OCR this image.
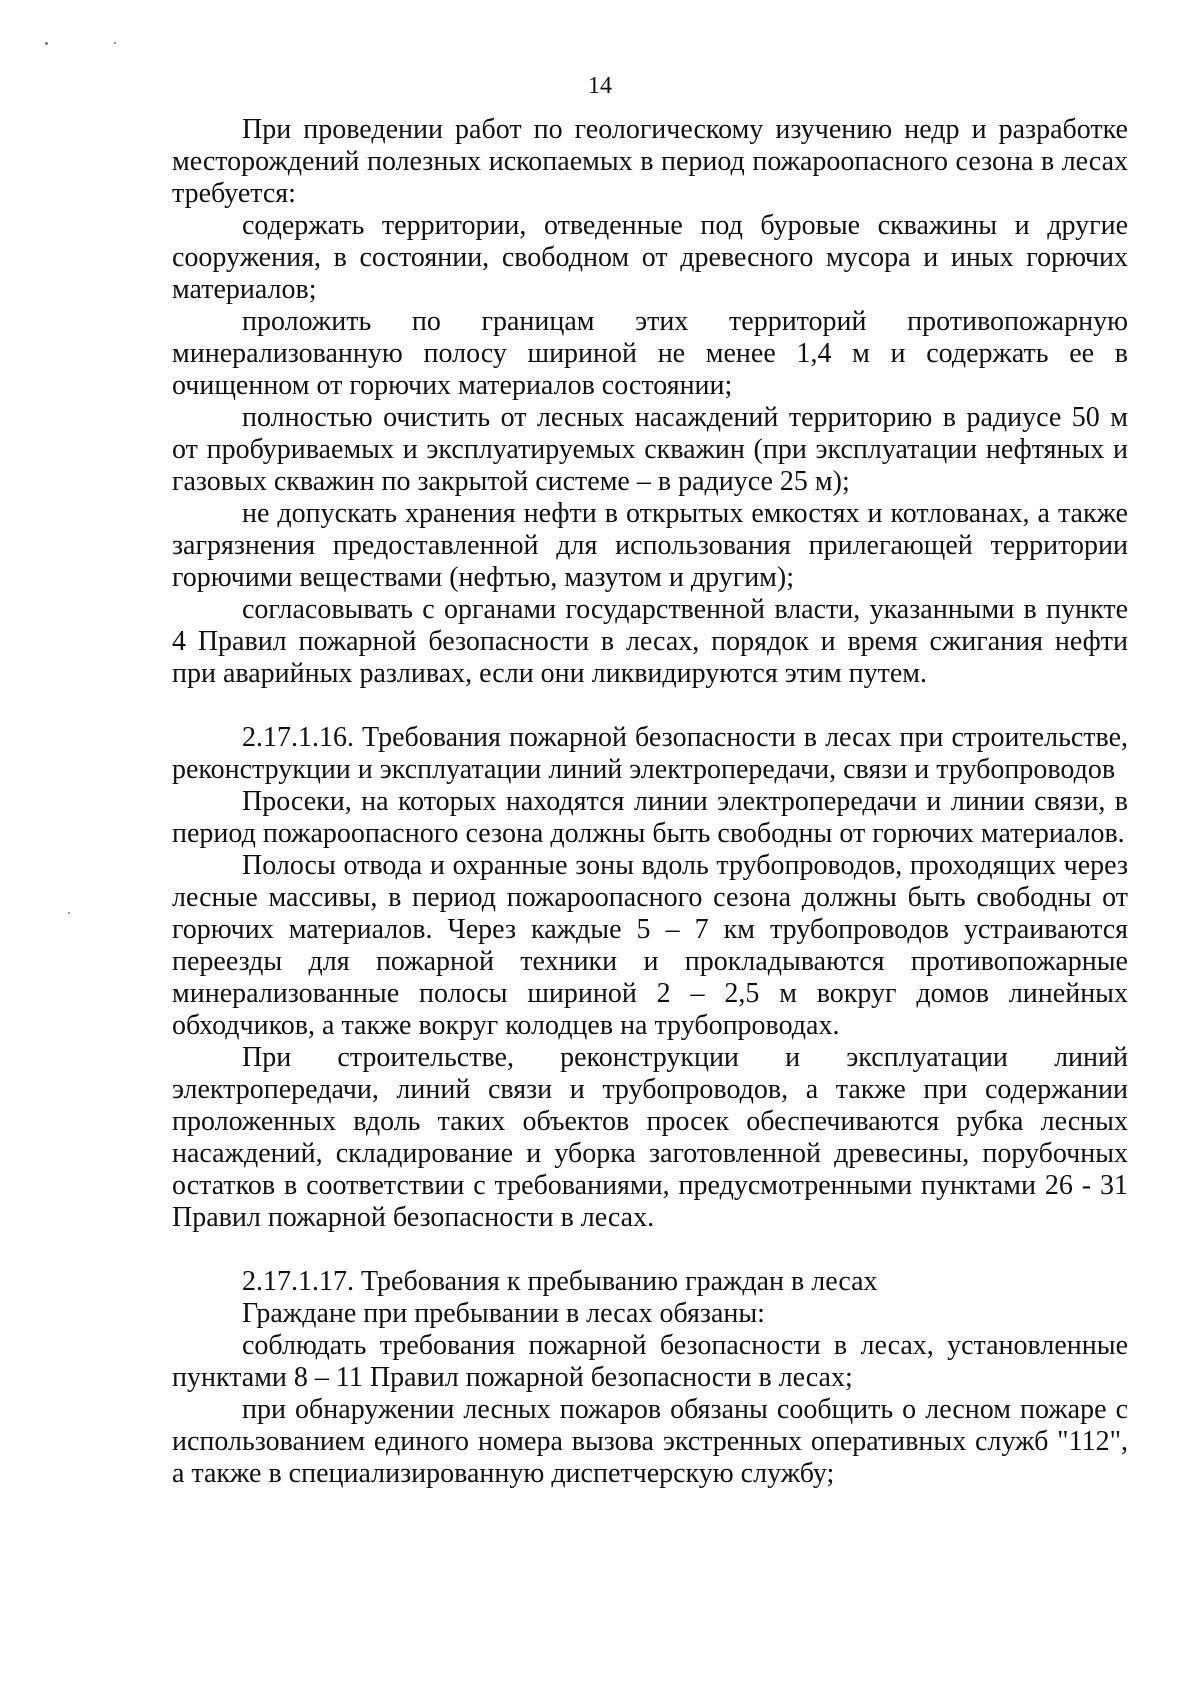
14

При проведении работ по геологическому изучению недр и разработке месторождений полезных ископаемых в период пожароопасного сезона в лесах требуется:

содержать территории, отведенные под буровые скважины и другие сооружения, в состоянии, свободном от древесного мусора и иных горючих материалов;

проложить по границам этих территорий противопожарную минерализованную полосу шириной не менее 1,4 м и содержать ее в очищенном от горючих материалов состоянии;

полностью очистить от лесных насаждений территорию в радиусе 50 м от пробуриваемых и эксплуатируемых скважин (при эксплуатации нефтяных и газовых скважин по закрытой системе – в радиусе 25 м);

не допускать хранения нефти в открытых емкостях и котлованах, а также загрязнения предоставленной для использования прилегающей территории горючими веществами (нефтью, мазутом и другим);

согласовывать с органами государственной власти, указанными в пункте 4 Правил пожарной безопасности в лесах, порядок и время сжигания нефти при аварийных разливах, если они ликвидируются этим путем.

2.17.1.16. Требования пожарной безопасности в лесах при строительстве, реконструкции и эксплуатации линий электропередачи, связи и трубопроводов

Просеки, на которых находятся линии электропередачи и линии связи, в период пожароопасного сезона должны быть свободны от горючих материалов.

Полосы отвода и охранные зоны вдоль трубопроводов, проходящих через лесные массивы, в период пожароопасного сезона должны быть свободны от горючих материалов. Через каждые 5 – 7 км трубопроводов устраиваются переезды для пожарной техники и прокладываются противопожарные минерализованные полосы шириной 2 – 2,5 м вокруг домов линейных обходчиков, а также вокруг колодцев на трубопроводах.

При строительстве, реконструкции и эксплуатации линий электропередачи, линий связи и трубопроводов, а также при содержании проложенных вдоль таких объектов просек обеспечиваются рубка лесных насаждений, складирование и уборка заготовленной древесины, порубочных остатков в соответствии с требованиями, предусмотренными пунктами 26 - 31 Правил пожарной безопасности в лесах.

2.17.1.17. Требования к пребыванию граждан в лесах

Граждане при пребывании в лесах обязаны:

соблюдать требования пожарной безопасности в лесах, установленные пунктами 8 – 11 Правил пожарной безопасности в лесах;

при обнаружении лесных пожаров обязаны сообщить о лесном пожаре с использованием единого номера вызова экстренных оперативных служб "112", а также в специализированную диспетчерскую службу;
